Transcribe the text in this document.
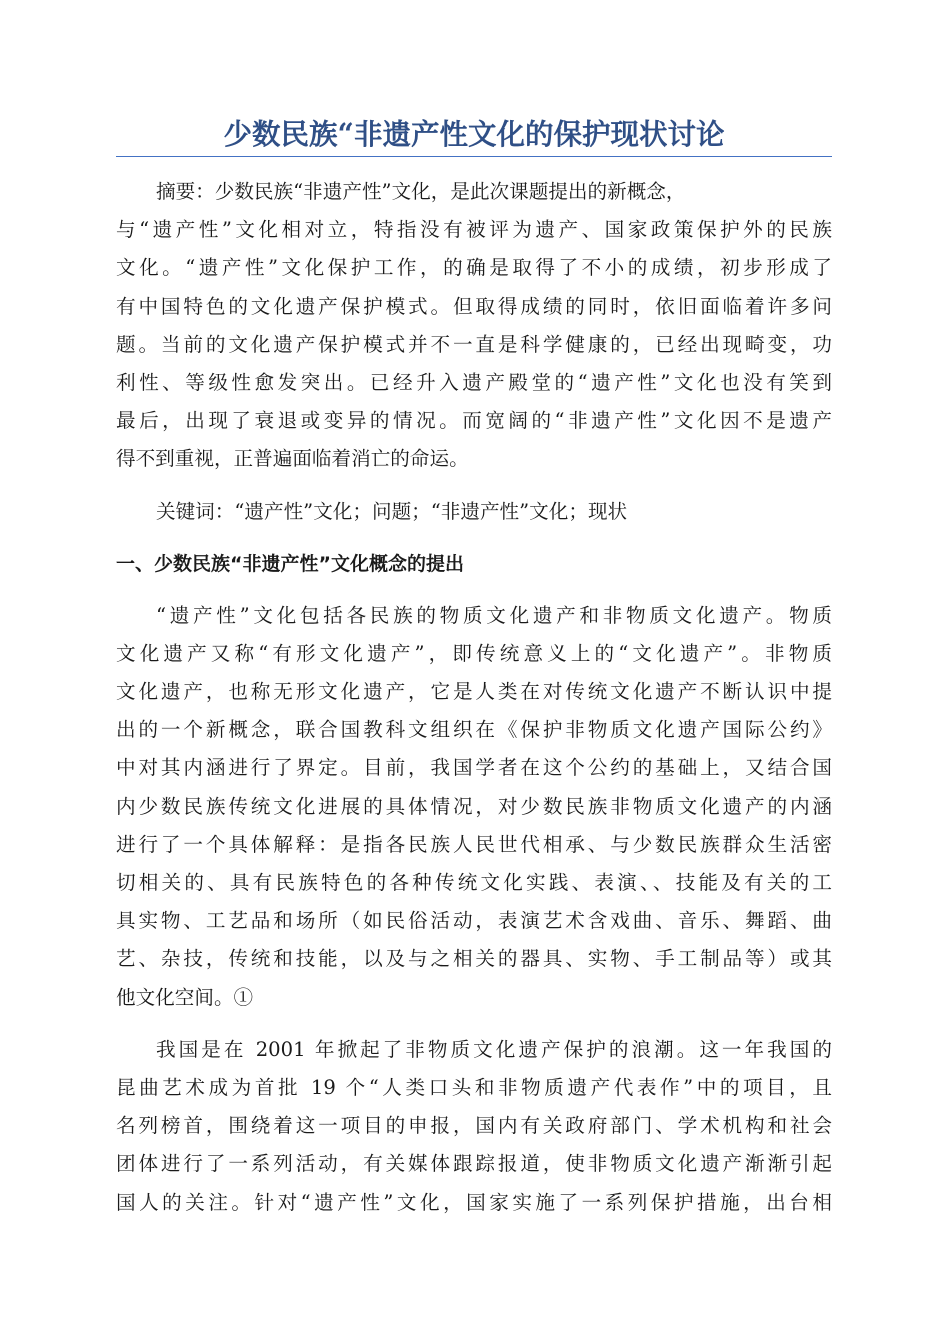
少数民族“非遗产性文化的保护现状讨论
摘要：少数民族“非遗产性”文化，是此次课题提出的新概念，
与“遗产性”文化相对立，特指没有被评为遗产、国家政策保护外的民族
文化。“遗产性”文化保护工作，的确是取得了不小的成绩，初步形成了
有中国特色的文化遗产保护模式。但取得成绩的同时，依旧面临着许多问
题。当前的文化遗产保护模式并不一直是科学健康的，已经出现畸变，功
利性、等级性愈发突出。已经升入遗产殿堂的“遗产性”文化也没有笑到
最后，出现了衰退或变异的情况。而宽阔的“非遗产性”文化因不是遗产
得不到重视，正普遍面临着消亡的命运。
关键词：“遗产性”文化；问题；“非遗产性”文化；现状
一、少数民族“非遗产性”文化概念的提出
“遗产性”文化包括各民族的物质文化遗产和非物质文化遗产。物质
文化遗产又称“有形文化遗产”，即传统意义上的“文化遗产”。非物质
文化遗产，也称无形文化遗产，它是人类在对传统文化遗产不断认识中提
出的一个新概念，联合国教科文组织在《保护非物质文化遗产国际公约》
中对其内涵进行了界定。目前，我国学者在这个公约的基础上，又结合国
内少数民族传统文化进展的具体情况，对少数民族非物质文化遗产的内涵
进行了一个具体解释：是指各民族人民世代相承、与少数民族群众生活密
切相关的、具有民族特色的各种传统文化实践、表演、、技能及有关的工
具实物、工艺品和场所（如民俗活动，表演艺术含戏曲、音乐、舞蹈、曲
艺、杂技，传统和技能，以及与之相关的器具、实物、手工制品等）或其
他文化空间。①
我国是在 2001 年掀起了非物质文化遗产保护的浪潮。这一年我国的
昆曲艺术成为首批 19 个“人类口头和非物质遗产代表作”中的项目，且
名列榜首，围绕着这一项目的申报，国内有关政府部门、学术机构和社会
团体进行了一系列活动，有关媒体跟踪报道，使非物质文化遗产渐渐引起
国人的关注。针对“遗产性”文化，国家实施了一系列保护措施，出台相
